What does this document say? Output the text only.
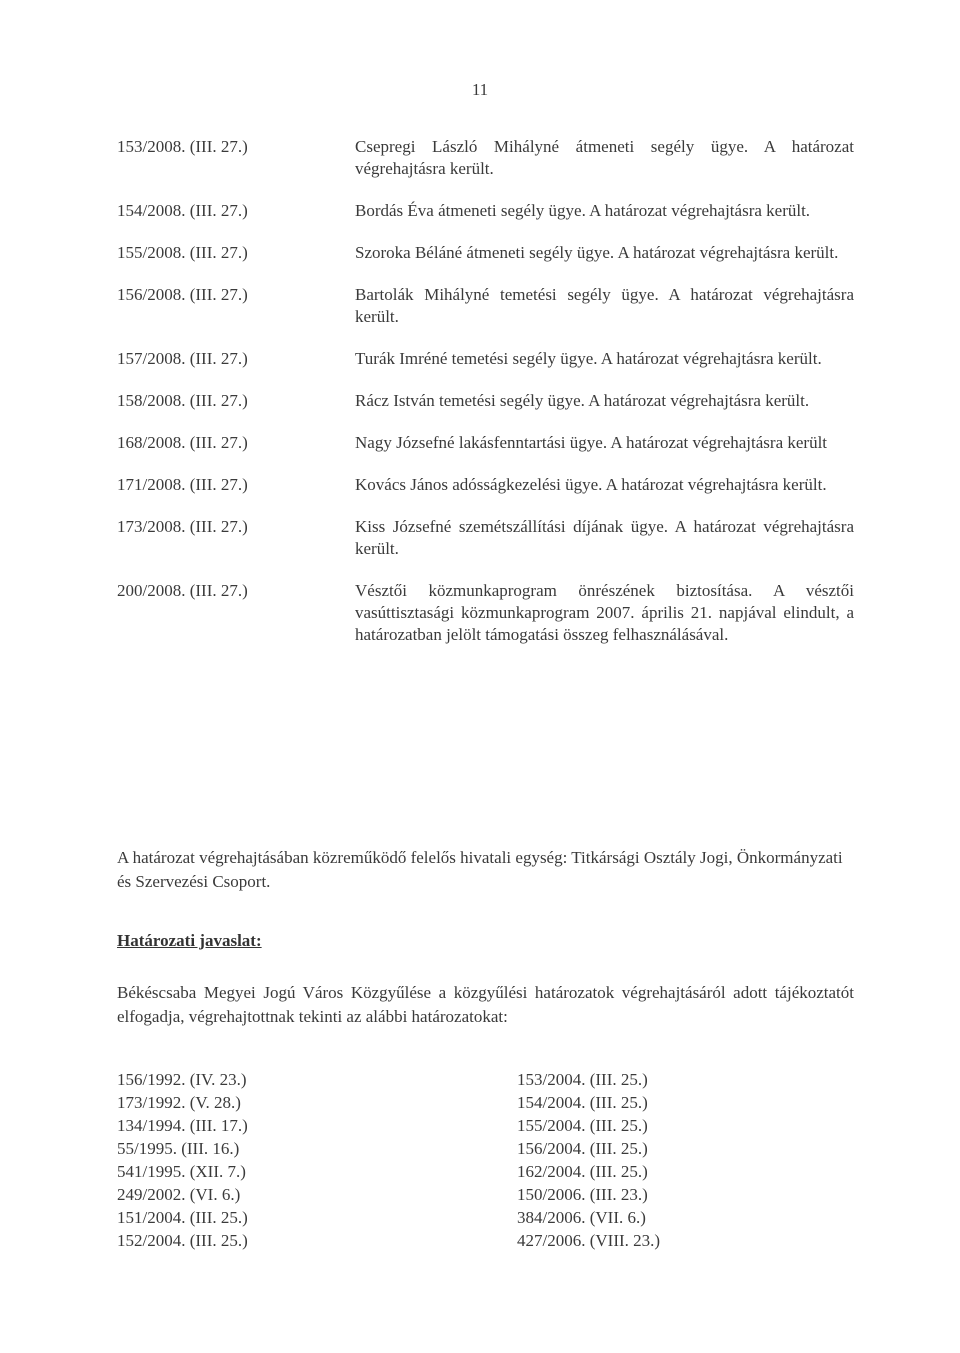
11
153/2008. (III. 27.)	Csepregi László Mihályné átmeneti segély ügye. A határozat végrehajtásra került.
154/2008. (III. 27.)	Bordás Éva átmeneti segély ügye. A határozat végrehajtásra került.
155/2008. (III. 27.)	Szoroka Béláné átmeneti segély ügye. A határozat végrehajtásra került.
156/2008. (III. 27.)	Bartolák Mihályné temetési segély ügye. A határozat végrehajtásra került.
157/2008. (III. 27.)	Turák Imréné temetési segély ügye. A határozat végrehajtásra került.
158/2008. (III. 27.)	Rácz István temetési segély ügye. A határozat végrehajtásra került.
168/2008. (III. 27.)	Nagy Józsefné lakásfenntartási ügye. A határozat végrehajtásra került
171/2008. (III. 27.)	Kovács János adósságkezelési ügye. A határozat végrehajtásra került.
173/2008. (III. 27.)	Kiss Józsefné szemétszállítási díjának ügye. A határozat végrehajtásra került.
200/2008. (III. 27.)	Vésztői közmunkaprogram önrészének biztosítása. A vésztői vasúttisztasági közmunkaprogram 2007. április 21. napjával elindult, a határozatban jelölt támogatási összeg felhasználásával.
A határozat végrehajtásában közreműködő felelős hivatali egység: Titkársági Osztály Jogi, Önkormányzati és Szervezési Csoport.
Határozati javaslat:
Békéscsaba Megyei Jogú Város Közgyűlése a közgyűlési határozatok végrehajtásáról adott tájékoztatót elfogadja, végrehajtottnak tekinti az alábbi határozatokat:
156/1992. (IV. 23.)
173/1992. (V. 28.)
134/1994. (III. 17.)
55/1995. (III. 16.)
541/1995. (XII. 7.)
249/2002. (VI. 6.)
151/2004. (III. 25.)
152/2004. (III. 25.)
153/2004. (III. 25.)
154/2004. (III. 25.)
155/2004. (III. 25.)
156/2004. (III. 25.)
162/2004. (III. 25.)
150/2006. (III. 23.)
384/2006. (VII. 6.)
427/2006. (VIII. 23.)
